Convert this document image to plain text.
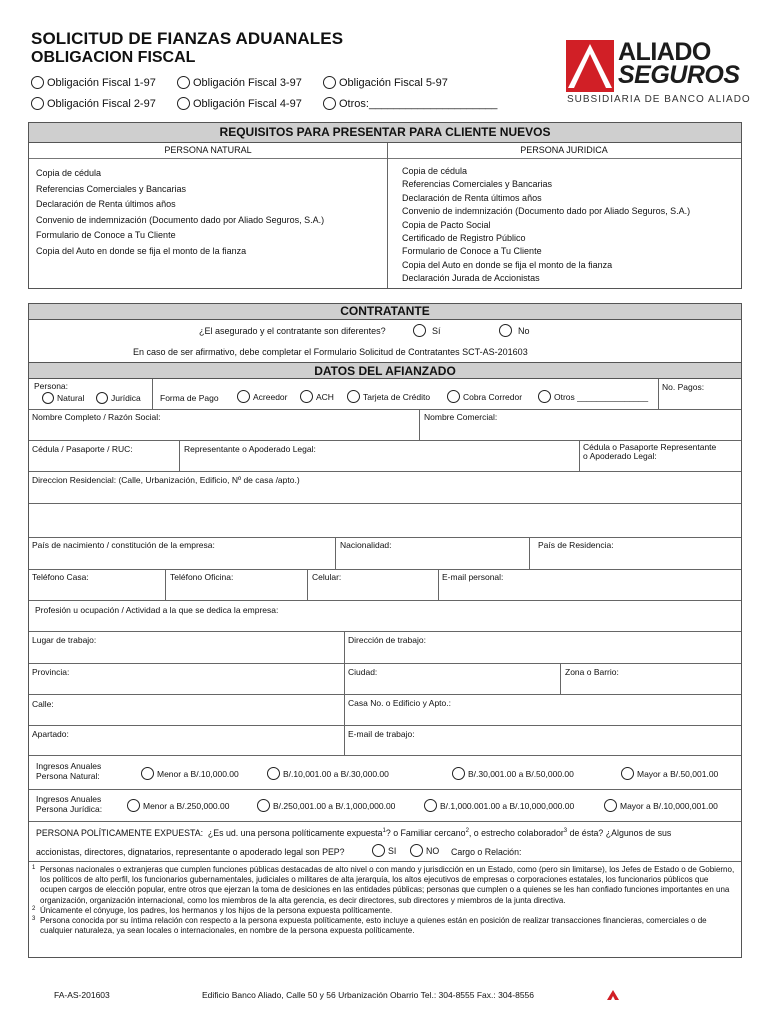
SOLICITUD DE FIANZAS ADUANALES
OBLIGACION FISCAL
Obligación Fiscal 1-97	Obligación Fiscal 3-97	Obligación Fiscal 5-97
Obligación Fiscal 2-97	Obligación Fiscal 4-97	Otros:_____________________
ALIADO
SEGUROS
SUBSIDIARIA DE BANCO ALIADO
REQUISITOS PARA PRESENTAR PARA CLIENTE NUEVOS
PERSONA NATURAL	PERSONA JURIDICA
Copia de cédula
Referencias Comerciales y Bancarias
Declaración de Renta últimos años
Convenio de indemnización (Documento dado por Aliado Seguros, S.A.)
Formulario de Conoce a Tu Cliente
Copia del Auto en donde se fija el monto de la fianza
Copia de cédula
Referencias Comerciales y Bancarias
Declaración de Renta últimos años
Convenio de indemnización (Documento dado por Aliado Seguros, S.A.)
Copia de Pacto Social
Certificado de Registro Público
Formulario de Conoce a Tu Cliente
Copia del Auto en donde se fija el monto de la fianza
Declaración Jurada de Accionistas
CONTRATANTE
¿El asegurado y el contratante son diferentes?	Sí	No
En caso de ser afirmativo, debe completar el Formulario Solicitud de Contratantes SCT-AS-201603
DATOS DEL AFIANZADO
Persona:
Natural	Jurídica Forma de Pago	Acreedor	ACH	Tarjeta de Crédito	Cobra Corredor	Otros _______________
No. Pagos:
Nombre Completo / Razón Social:	Nombre Comercial:
Cédula / Pasaporte / RUC:	Representante o Apoderado Legal:	Cédula o Pasaporte Representante
o Apoderado Legal:
Direccion Residencial: (Calle, Urbanización, Edificio, Nº de casa /apto.)
País de nacimiento / constitución de la empresa:	Nacionalidad:	País de Residencia:
Teléfono Casa:	Teléfono Oficina:	Celular:	E-mail personal:
Profesión u ocupación / Actividad a la que se dedica la empresa:
Lugar de trabajo:	Dirección de trabajo:
Provincia:	Ciudad:	Zona o Barrio:
Calle:	Casa No. o Edificio y Apto.:
Apartado:	E-mail de trabajo:
Ingresos Anuales
Persona Natural:	Menor a B/.10,000.00	B/.10,001.00 a B/.30,000.00	B/.30,001.00 a B/.50,000.00	Mayor a B/.50,001.00
Ingresos Anuales
Persona Jurídica:	Menor a B/.250,000.00	B/.250,001.00 a B/.1,000,000.00	B/.1,000.001.00 a B/.10,000,000.00	Mayor a B/.10,000,001.00
PERSONA POLÍTICAMENTE EXPUESTA: ¿Es ud. una persona políticamente expuesta$^1$? o Familiar cercano$^2$, o estrecho colaborador$^3$ de ésta? ¿Algunos de sus
accionistas, directores, dignatarios, representante o apoderado legal son PEP?	SI	NO Cargo o Relación:
1 Personas nacionales o extranjeras que cumplen funciones públicas destacadas de alto nivel o con mando y jurisdicción en un Estado, como (pero sin limitarse), los Jefes de Estado o de Gobierno, los políticos de alto perfil, los funcionarios gubernamentales, judiciales o militares de alta jerarquía, los altos ejecutivos de empresas o corporaciones estatales, los funcionarios públicos que ocupen cargos de elección popular, entre otros que ejerzan la toma de desiciones en las entidades públicas; personas que cumplen o a quienes se les han confiado funciones importantes en una organización, organización internacional, como los miembros de la alta gerencia, es decir directores, sub directores y miembros de la junta directiva.
2 Únicamente el cónyuge, los padres, los hermanos y los hijos de la persona expuesta políticamente.
3 Persona conocida por su íntima relación con respecto a la persona expuesta políticamente, esto incluye a quienes están en posición de realizar transacciones financieras, comerciales o de cualquier naturaleza, ya sean locales o internacionales, en nombre de la persona expuesta políticamente.
FA-AS-201603	Edificio Banco Aliado, Calle 50 y 56 Urbanización Obarrio Tel.: 304-8555 Fax.: 304-8556
